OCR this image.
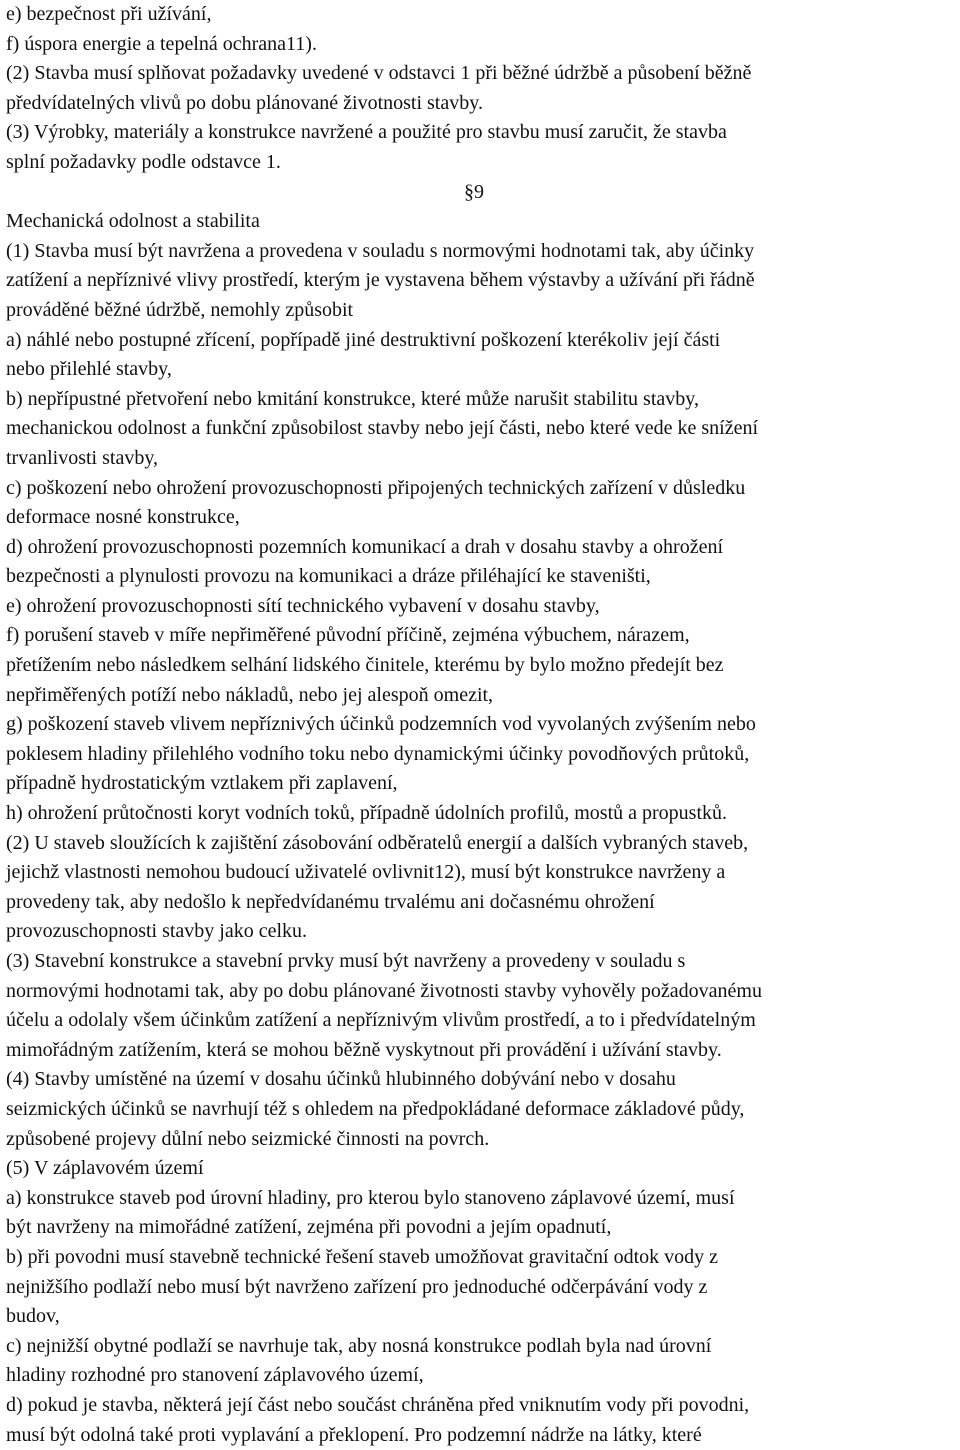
e) bezpečnost při užívání,
f) úspora energie a tepelná ochrana11).
(2) Stavba musí splňovat požadavky uvedené v odstavci 1 při běžné údržbě a působení běžně
předvídatelných vlivů po dobu plánované životnosti stavby.
(3) Výrobky, materiály a konstrukce navržené a použité pro stavbu musí zaručit, že stavba
splní požadavky podle odstavce 1.
§9
Mechanická odolnost a stabilita
(1) Stavba musí být navržena a provedena v souladu s normovými hodnotami tak, aby účinky
zatížení a nepříznivé vlivy prostředí, kterým je vystavena během výstavby a užívání při řádně
prováděné běžné údržbě, nemohly způsobit
a) náhlé nebo postupné zřícení, popřípadě jiné destruktivní poškození kterékoliv její části
nebo přilehlé stavby,
b) nepřípustné přetvoření nebo kmitání konstrukce, které může narušit stabilitu stavby,
mechanickou odolnost a funkční způsobilost stavby nebo její části, nebo které vede ke snížení
trvanlivosti stavby,
c) poškození nebo ohrožení provozuschopnosti připojených technických zařízení v důsledku
deformace nosné konstrukce,
d) ohrožení provozuschopnosti pozemních komunikací a drah v dosahu stavby a ohrožení
bezpečnosti a plynulosti provozu na komunikaci a dráze přiléhající ke staveništi,
e) ohrožení provozuschopnosti sítí technického vybavení v dosahu stavby,
f) porušení staveb v míře nepřiměřené původní příčině, zejména výbuchem, nárazem,
přetížením nebo následkem selhání lidského činitele, kterému by bylo možno předejít bez
nepřiměřených potíží nebo nákladů, nebo jej alespoň omezit,
g) poškození staveb vlivem nepříznivých účinků podzemních vod vyvolaných zvýšením nebo
poklesem hladiny přilehlého vodního toku nebo dynamickými účinky povodňových průtoků,
případně hydrostatickým vztlakem při zaplavení,
h) ohrožení průtočnosti koryt vodních toků, případně údolních profilů, mostů a propustků.
(2) U staveb sloužících k zajištění zásobování odběratelů energií a dalších vybraných staveb,
jejichž vlastnosti nemohou budoucí uživatelé ovlivnit12), musí být konstrukce navrženy a
provedeny tak, aby nedošlo k nepředvídanému trvalému ani dočasnému ohrožení
provozuschopnosti stavby jako celku.
(3) Stavební konstrukce a stavební prvky musí být navrženy a provedeny v souladu s
normovými hodnotami tak, aby po dobu plánované životnosti stavby vyhověly požadovanému
účelu a odolaly všem účinkům zatížení a nepříznivým vlivům prostředí, a to i předvídatelným
mimořádným zatížením, která se mohou běžně vyskytnout při provádění i užívání stavby.
(4) Stavby umístěné na území v dosahu účinků hlubinného dobývání nebo v dosahu
seizmických účinků se navrhují též s ohledem na předpokládané deformace základové půdy,
způsobené projevy důlní nebo seizmické činnosti na povrch.
(5) V záplavovém území
a) konstrukce staveb pod úrovní hladiny, pro kterou bylo stanoveno záplavové území, musí
být navrženy na mimořádné zatížení, zejména při povodni a jejím opadnutí,
b) při povodni musí stavebně technické řešení staveb umožňovat gravitační odtok vody z
nejnižšího podlaží nebo musí být navrženo zařízení pro jednoduché odčerpávání vody z
budov,
c) nejnižší obytné podlaží se navrhuje tak, aby nosná konstrukce podlah byla nad úrovní
hladiny rozhodné pro stanovení záplavového území,
d) pokud je stavba, některá její část nebo součást chráněna před vniknutím vody při povodni,
musí být odolná také proti vyplavání a překlopení. Pro podzemní nádrže na látky, které
